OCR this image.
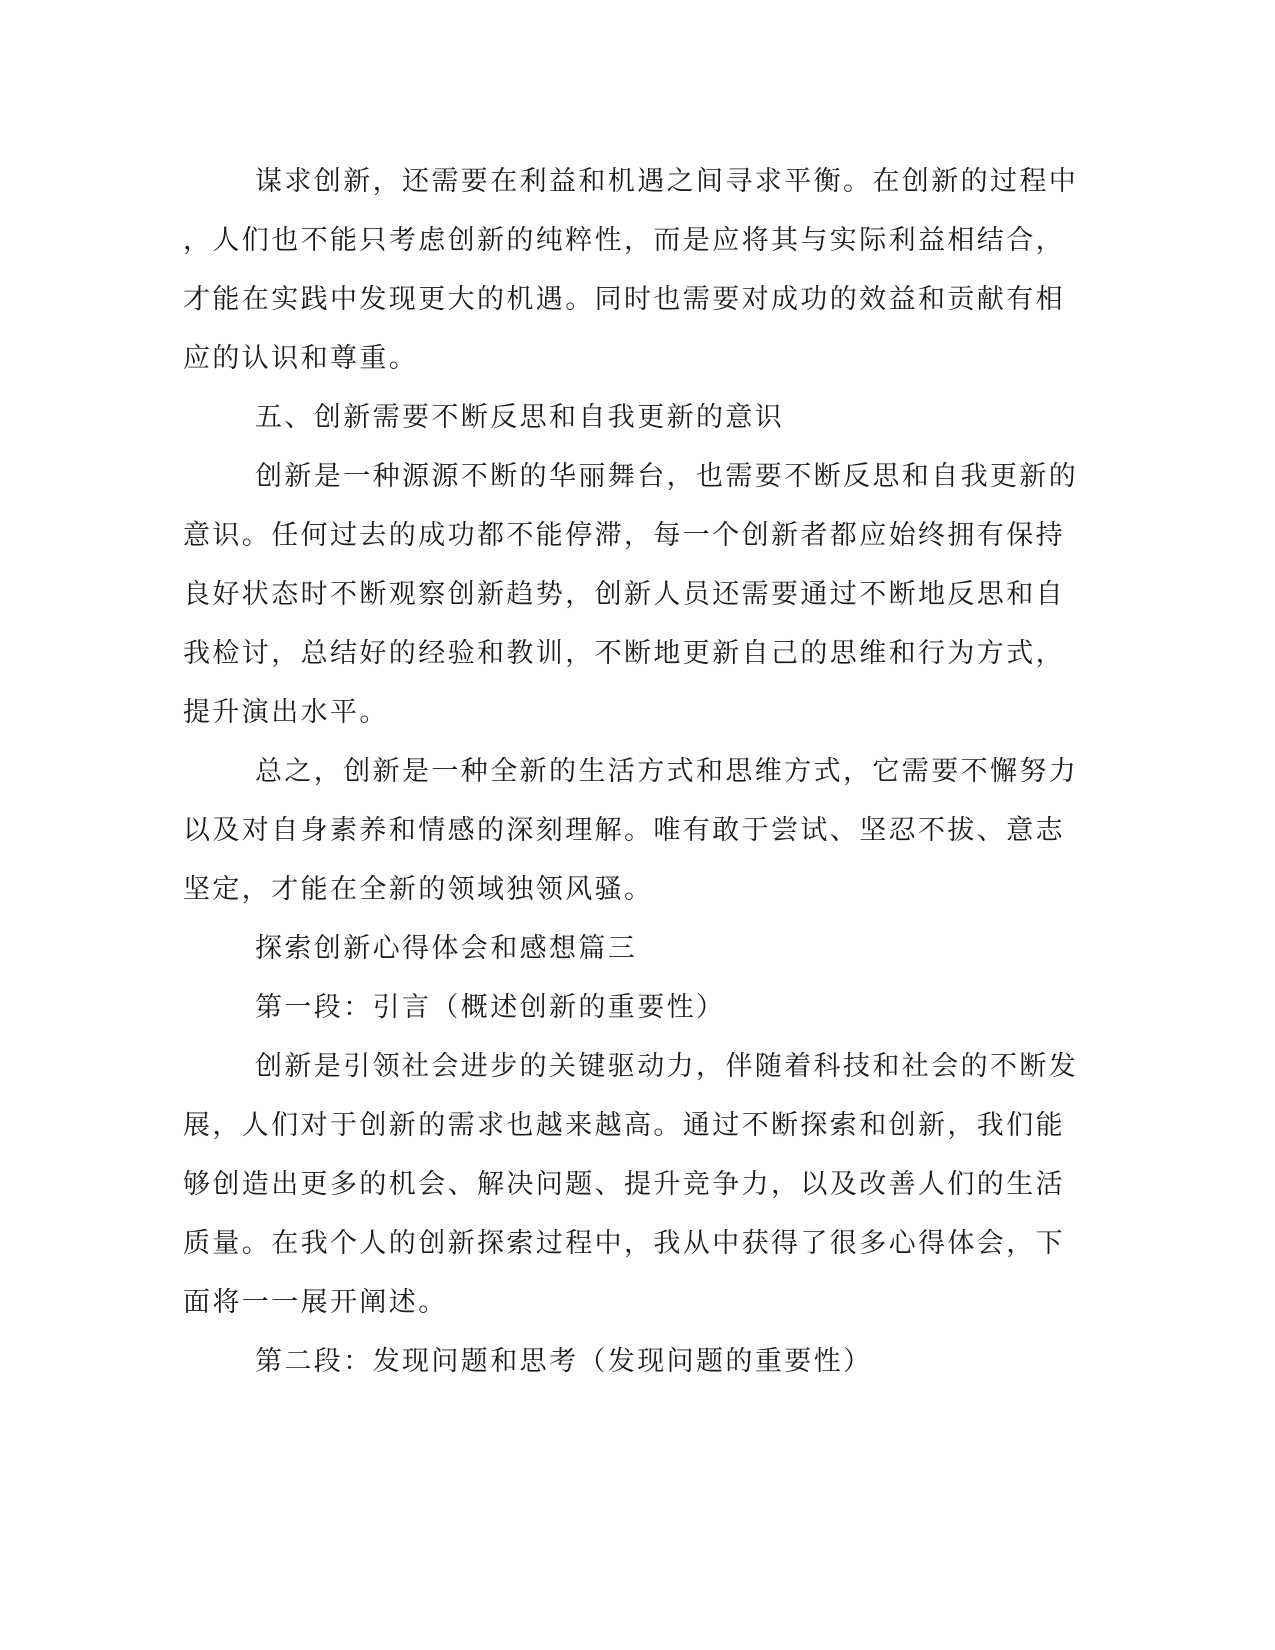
谋求创新，还需要在利益和机遇之间寻求平衡。在创新的过程中
，人们也不能只考虑创新的纯粹性，而是应将其与实际利益相结合，
才能在实践中发现更大的机遇。同时也需要对成功的效益和贡献有相
应的认识和尊重。
五、创新需要不断反思和自我更新的意识
创新是一种源源不断的华丽舞台，也需要不断反思和自我更新的
意识。任何过去的成功都不能停滞，每一个创新者都应始终拥有保持
良好状态时不断观察创新趋势，创新人员还需要通过不断地反思和自
我检讨，总结好的经验和教训，不断地更新自己的思维和行为方式，
提升演出水平。
总之，创新是一种全新的生活方式和思维方式，它需要不懈努力
以及对自身素养和情感的深刻理解。唯有敢于尝试、坚忍不拔、意志
坚定，才能在全新的领域独领风骚。
探索创新心得体会和感想篇三
第一段：引言（概述创新的重要性）
创新是引领社会进步的关键驱动力，伴随着科技和社会的不断发
展，人们对于创新的需求也越来越高。通过不断探索和创新，我们能
够创造出更多的机会、解决问题、提升竞争力，以及改善人们的生活
质量。在我个人的创新探索过程中，我从中获得了很多心得体会，下
面将一一展开阐述。
第二段：发现问题和思考（发现问题的重要性）
